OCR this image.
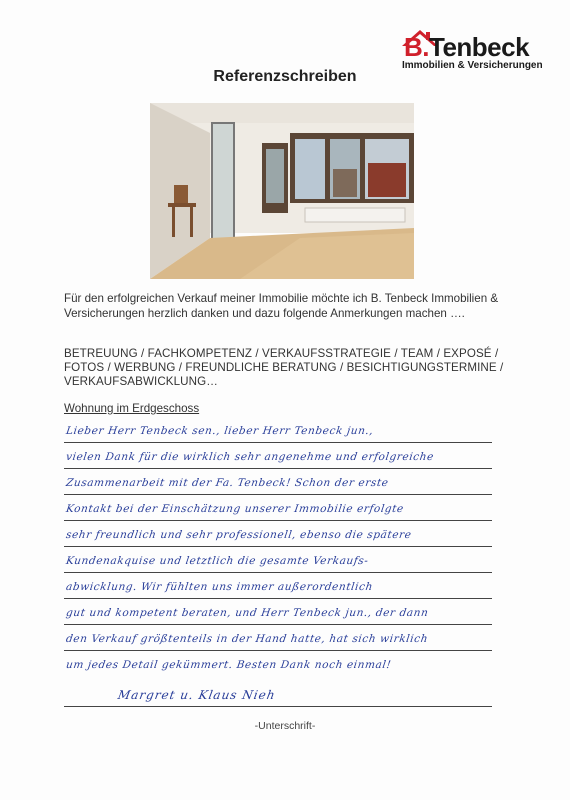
B.Tenbeck
Immobilien & Versicherungen
Referenzschreiben
Für den erfolgreichen Verkauf meiner Immobilie möchte ich B. Tenbeck Immobilien & Versicherungen herzlich danken und dazu folgende Anmerkungen machen ….
BETREUUNG / FACHKOMPETENZ / VERKAUFSSTRATEGIE / TEAM / EXPOSÉ / FOTOS / WERBUNG / FREUNDLICHE BERATUNG / BESICHTIGUNGSTERMINE / VERKAUFSABWICKLUNG…
Wohnung im Erdgeschoss
Lieber Herr Tenbeck sen., lieber Herr Tenbeck jun.,
vielen Dank für die wirklich sehr angenehme und erfolgreiche
Zusammenarbeit mit der Fa. Tenbeck! Schon der erste
Kontakt bei der Einschätzung unserer Immobilie erfolgte
sehr freundlich und sehr professionell, ebenso die spätere
Kundenakquise und letztlich die gesamte Verkaufs-
abwicklung. Wir fühlten uns immer außerordentlich
gut und kompetent beraten, und Herr Tenbeck jun., der dann
den Verkauf größtenteils in der Hand hatte, hat sich wirklich
um jedes Detail gekümmert. Besten Dank noch einmal!
Margret u. Klaus Nieh
-Unterschrift-
